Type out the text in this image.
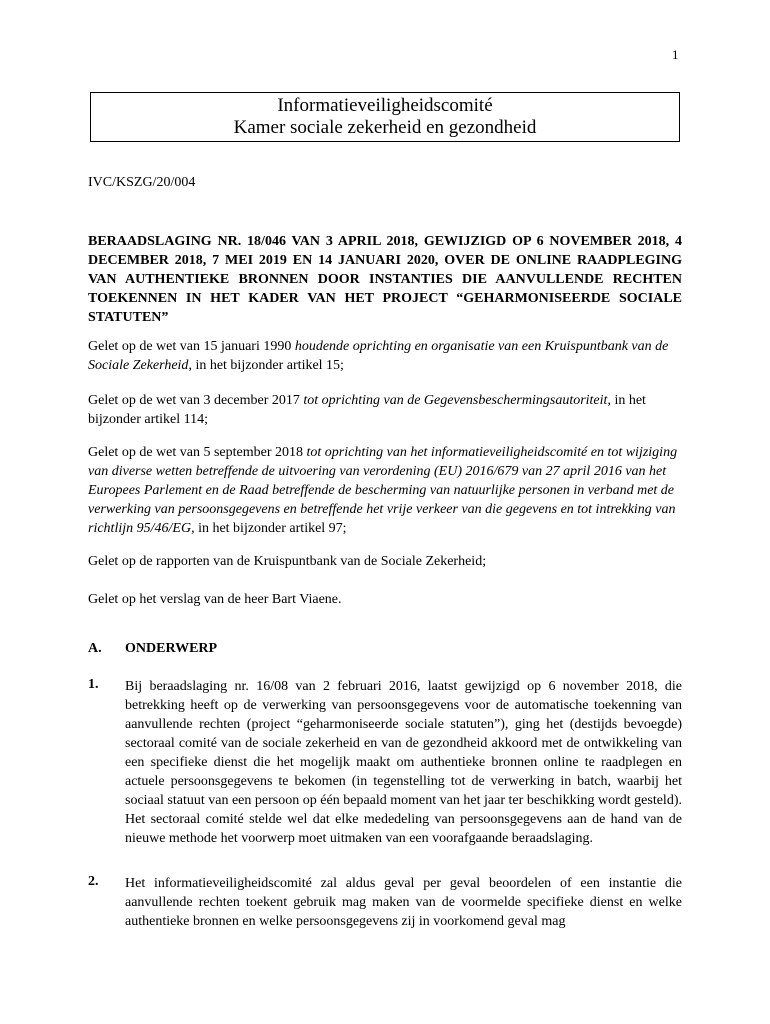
1
Informatieveiligheidscomité
Kamer sociale zekerheid en gezondheid
IVC/KSZG/20/004
BERAADSLAGING NR. 18/046 VAN 3 APRIL 2018, GEWIJZIGD OP 6 NOVEMBER 2018, 4 DECEMBER 2018, 7 MEI 2019 EN 14 JANUARI 2020, OVER DE ONLINE RAADPLEGING VAN AUTHENTIEKE BRONNEN DOOR INSTANTIES DIE AANVULLENDE RECHTEN TOEKENNEN IN HET KADER VAN HET PROJECT “GEHARMONISEERDE SOCIALE STATUTEN”
Gelet op de wet van 15 januari 1990 houdende oprichting en organisatie van een Kruispuntbank van de Sociale Zekerheid, in het bijzonder artikel 15;
Gelet op de wet van 3 december 2017 tot oprichting van de Gegevensbeschermingsautoriteit, in het bijzonder artikel 114;
Gelet op de wet van 5 september 2018 tot oprichting van het informatieveiligheidscomité en tot wijziging van diverse wetten betreffende de uitvoering van verordening (EU) 2016/679 van 27 april 2016 van het Europees Parlement en de Raad betreffende de bescherming van natuurlijke personen in verband met de verwerking van persoonsgegevens en betreffende het vrije verkeer van die gegevens en tot intrekking van richtlijn 95/46/EG, in het bijzonder artikel 97;
Gelet op de rapporten van de Kruispuntbank van de Sociale Zekerheid;
Gelet op het verslag van de heer Bart Viaene.
A. ONDERWERP
1. Bij beraadslaging nr. 16/08 van 2 februari 2016, laatst gewijzigd op 6 november 2018, die betrekking heeft op de verwerking van persoonsgegevens voor de automatische toekenning van aanvullende rechten (project “geharmoniseerde sociale statuten”), ging het (destijds bevoegde) sectoraal comité van de sociale zekerheid en van de gezondheid akkoord met de ontwikkeling van een specifieke dienst die het mogelijk maakt om authentieke bronnen online te raadplegen en actuele persoonsgegevens te bekomen (in tegenstelling tot de verwerking in batch, waarbij het sociaal statuut van een persoon op één bepaald moment van het jaar ter beschikking wordt gesteld). Het sectoraal comité stelde wel dat elke mededeling van persoonsgegevens aan de hand van de nieuwe methode het voorwerp moet uitmaken van een voorafgaande beraadslaging.
2. Het informatieveiligheidscomité zal aldus geval per geval beoordelen of een instantie die aanvullende rechten toekent gebruik mag maken van de voormelde specifieke dienst en welke authentieke bronnen en welke persoonsgegevens zij in voorkomend geval mag
